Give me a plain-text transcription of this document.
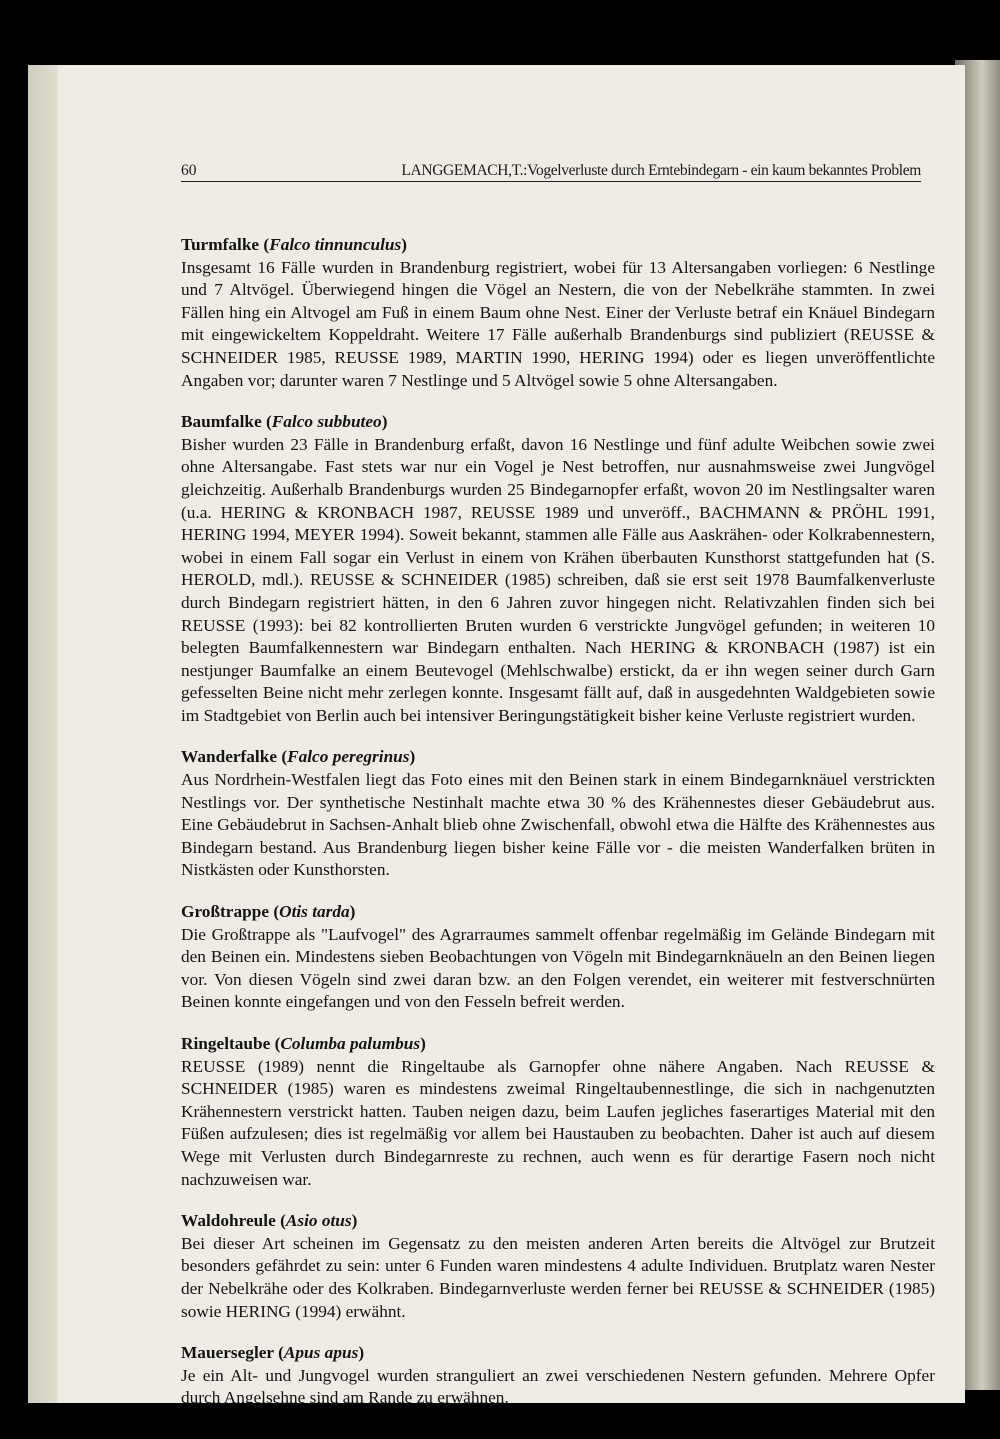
60	LANGGEMACH,T.:Vogelverluste durch Erntebindegarn - ein kaum bekanntes Problem
Turmfalke (Falco tinnunculus)

Insgesamt 16 Fälle wurden in Brandenburg registriert, wobei für 13 Altersangaben vorliegen: 6 Nestlinge und 7 Altvögel. Überwiegend hingen die Vögel an Nestern, die von der Nebelkrähe stammten. In zwei Fällen hing ein Altvogel am Fuß in einem Baum ohne Nest. Einer der Verluste betraf ein Knäuel Bindegarn mit eingewickeltem Koppeldraht. Weitere 17 Fälle außerhalb Brandenburgs sind publiziert (REUSSE & SCHNEIDER 1985, REUSSE 1989, MARTIN 1990, HERING 1994) oder es liegen unveröffentlichte Angaben vor; darunter waren 7 Nestlinge und 5 Altvögel sowie 5 ohne Altersangaben.

Baumfalke (Falco subbuteo)

Bisher wurden 23 Fälle in Brandenburg erfaßt, davon 16 Nestlinge und fünf adulte Weibchen sowie zwei ohne Altersangabe. Fast stets war nur ein Vogel je Nest betroffen, nur ausnahmsweise zwei Jungvögel gleichzeitig. Außerhalb Brandenburgs wurden 25 Bindegarnopfer erfaßt, wovon 20 im Nestlingsalter waren (u.a. HERING & KRONBACH 1987, REUSSE 1989 und unveröff., BACHMANN & PRÖHL 1991, HERING 1994, MEYER 1994). Soweit bekannt, stammen alle Fälle aus Aaskrähen- oder Kolkrabennestern, wobei in einem Fall sogar ein Verlust in einem von Krähen überbauten Kunsthorst stattgefunden hat (S. HEROLD, mdl.). REUSSE & SCHNEIDER (1985) schreiben, daß sie erst seit 1978 Baumfalkenverluste durch Bindegarn registriert hätten, in den 6 Jahren zuvor hingegen nicht. Relativzahlen finden sich bei REUSSE (1993): bei 82 kontrollierten Bruten wurden 6 verstrickte Jungvögel gefunden; in weiteren 10 belegten Baumfalkennestern war Bindegarn enthalten. Nach HERING & KRONBACH (1987) ist ein nestjunger Baumfalke an einem Beutevogel (Mehlschwalbe) erstickt, da er ihn wegen seiner durch Garn gefesselten Beine nicht mehr zerlegen konnte. Insgesamt fällt auf, daß in ausgedehnten Waldgebieten sowie im Stadtgebiet von Berlin auch bei intensiver Beringungstätigkeit bisher keine Verluste registriert wurden.

Wanderfalke (Falco peregrinus)

Aus Nordrhein-Westfalen liegt das Foto eines mit den Beinen stark in einem Bindegarnknäuel verstrickten Nestlings vor. Der synthetische Nestinhalt machte etwa 30 % des Krähennestes dieser Gebäudebrut aus. Eine Gebäudebrut in Sachsen-Anhalt blieb ohne Zwischenfall, obwohl etwa die Hälfte des Krähennestes aus Bindegarn bestand. Aus Brandenburg liegen bisher keine Fälle vor - die meisten Wanderfalken brüten in Nistkästen oder Kunsthorsten.

Großtrappe (Otis tarda)

Die Großtrappe als "Laufvogel" des Agrarraumes sammelt offenbar regelmäßig im Gelände Bindegarn mit den Beinen ein. Mindestens sieben Beobachtungen von Vögeln mit Bindegarnknäueln an den Beinen liegen vor. Von diesen Vögeln sind zwei daran bzw. an den Folgen verendet, ein weiterer mit festverschnürten Beinen konnte eingefangen und von den Fesseln befreit werden.

Ringeltaube (Columba palumbus)

REUSSE (1989) nennt die Ringeltaube als Garnopfer ohne nähere Angaben. Nach REUSSE & SCHNEIDER (1985) waren es mindestens zweimal Ringeltaubennestlinge, die sich in nachgenutzten Krähennestern verstrickt hatten. Tauben neigen dazu, beim Laufen jegliches faserartiges Material mit den Füßen aufzulesen; dies ist regelmäßig vor allem bei Haustauben zu beobachten. Daher ist auch auf diesem Wege mit Verlusten durch Bindegarnreste zu rechnen, auch wenn es für derartige Fasern noch nicht nachzuweisen war.

Waldohreule (Asio otus)

Bei dieser Art scheinen im Gegensatz zu den meisten anderen Arten bereits die Altvögel zur Brutzeit besonders gefährdet zu sein: unter 6 Funden waren mindestens 4 adulte Individuen. Brutplatz waren Nester der Nebelkrähe oder des Kolkraben. Bindegarnverluste werden ferner bei REUSSE & SCHNEIDER (1985) sowie HERING (1994) erwähnt.

Mauersegler (Apus apus)

Je ein Alt- und Jungvogel wurden stranguliert an zwei verschiedenen Nestern gefunden. Mehrere Opfer durch Angelsehne sind am Rande zu erwähnen.
